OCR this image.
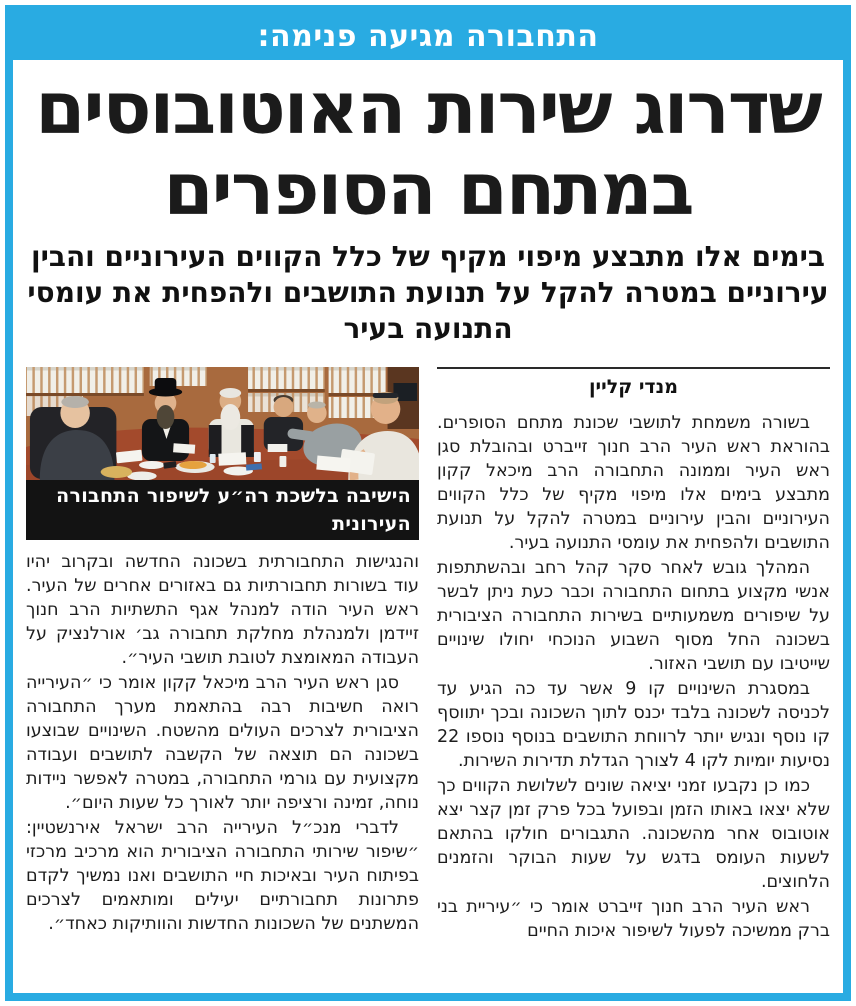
התחבורה מגיעה פנימה:
שדרוג שירות האוטובוסים
במתחם הסופרים
בימים אלו מתבצע מיפוי מקיף של כלל הקווים העירוניים והבין עירוניים במטרה להקל על תנועת התושבים ולהפחית את עומסי התנועה בעיר
מנדי קליין

בשורה משמחת לתושבי שכונת מתחם הסופרים. בהוראת ראש העיר הרב חנוך זייברט ובהובלת סגן ראש העיר וממונה התחבורה הרב מיכאל קקון מתבצע בימים אלו מיפוי מקיף של כלל הקווים העירוניים והבין עירוניים במטרה להקל על תנועת התושבים ולהפחית את עומסי התנועה בעיר.

המהלך גובש לאחר סקר קהל רחב ובהשתתפות אנשי מקצוע בתחום התחבורה וכבר כעת ניתן לבשר על שיפורים משמעותיים בשירות התחבורה הציבורית בשכונה החל מסוף השבוע הנוכחי יחולו שינויים שייטיבו עם תושבי האזור.

במסגרת השינויים קו 9 אשר עד כה הגיע עד לכניסה לשכונה בלבד יכנס לתוך השכונה ובכך יתווסף קו נוסף ונגיש יותר לרווחת התושבים בנוסף נוספו 22 נסיעות יומיות לקו 4 לצורך הגדלת תדירות השירות.

כמו כן נקבעו זמני יציאה שונים לשלושת הקווים כך שלא יצאו באותו הזמן ובפועל בכל פרק זמן קצר יצא אוטובוס אחר מהשכונה. התגבורים חולקו בהתאם לשעות העומס בדגש על שעות הבוקר והזמנים הלחוצים.

ראש העיר הרב חנוך זייברט אומר כי ״עיריית בני ברק ממשיכה לפעול לשיפור איכות החיים

הישיבה בלשכת רה״ע לשיפור התחבורה העירונית

והנגישות התחבורתית בשכונה החדשה ובקרוב יהיו עוד בשורות תחבורתיות גם באזורים אחרים של העיר. ראש העיר הודה למנהל אגף התשתיות הרב חנוך זיידמן ולמנהלת מחלקת תחבורה גב׳ אורלנציק על העבודה המאומצת לטובת תושבי העיר״.

סגן ראש העיר הרב מיכאל קקון אומר כי ״העירייה רואה חשיבות רבה בהתאמת מערך התחבורה הציבורית לצרכים העולים מהשטח. השינויים שבוצעו בשכונה הם תוצאה של הקשבה לתושבים ועבודה מקצועית עם גורמי התחבורה, במטרה לאפשר ניידות נוחה, זמינה ורציפה יותר לאורך כל שעות היום״.

לדברי מנכ״ל העירייה הרב ישראל אירנשטיין: ״שיפור שירותי התחבורה הציבורית הוא מרכיב מרכזי בפיתוח העיר ובאיכות חיי התושבים ואנו נמשיך לקדם פתרונות תחבורתיים יעילים ומותאמים לצרכים המשתנים של השכונות החדשות והוותיקות כאחד״.
